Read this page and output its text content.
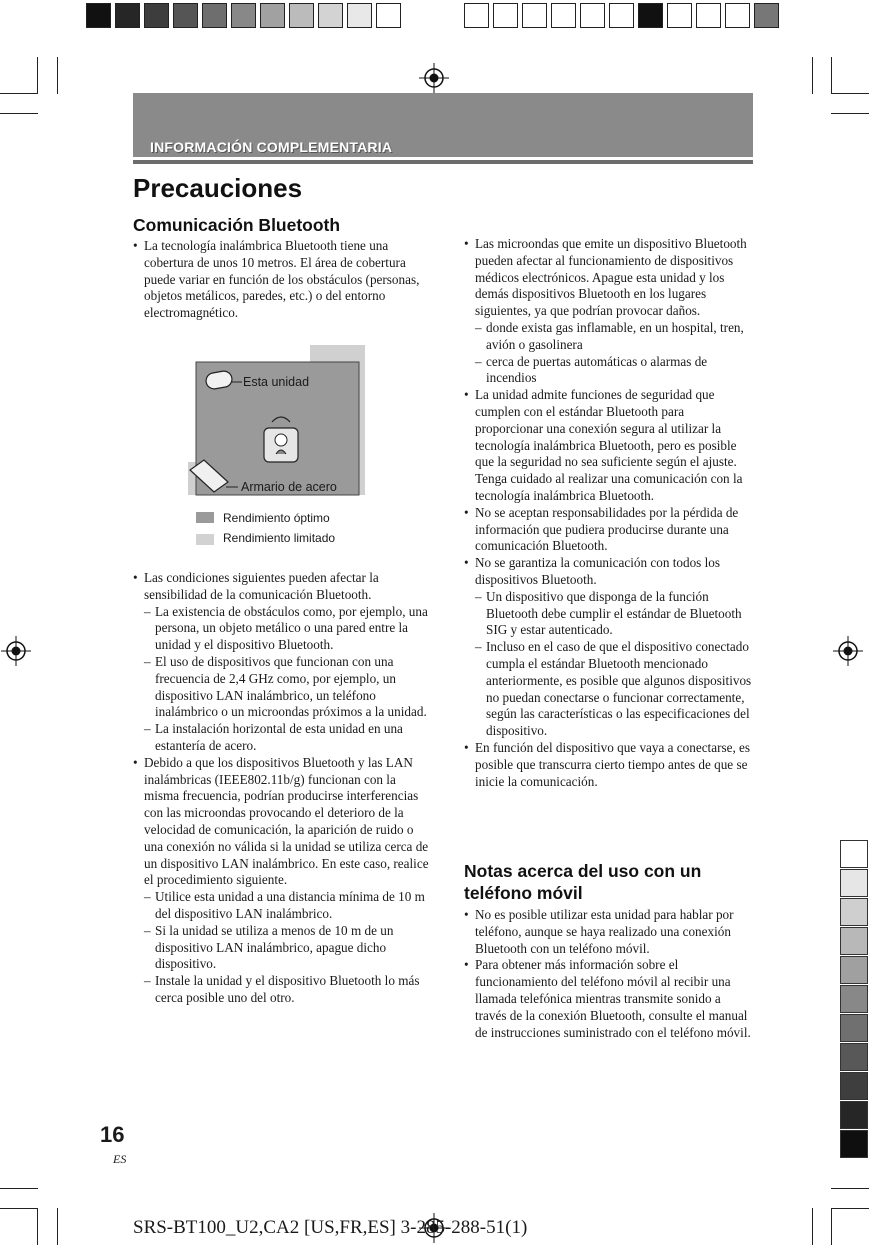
INFORMACIÓN COMPLEMENTARIA
Precauciones
Comunicación Bluetooth

• La tecnología inalámbrica Bluetooth tiene una cobertura de unos 10 metros. El área de cobertura puede variar en función de los obstáculos (personas, objetos metálicos, paredes, etc.) o del entorno electromagnético.

Esta unidad
Armario de acero
Rendimiento óptimo
Rendimiento limitado

• Las condiciones siguientes pueden afectar la sensibilidad de la comunicación Bluetooth.

– La existencia de obstáculos como, por ejemplo, una persona, un objeto metálico o una pared entre la unidad y el dispositivo Bluetooth.

– El uso de dispositivos que funcionan con una frecuencia de 2,4 GHz como, por ejemplo, un dispositivo LAN inalámbrico, un teléfono inalámbrico o un microondas próximos a la unidad.

– La instalación horizontal de esta unidad en una estantería de acero.

• Debido a que los dispositivos Bluetooth y las LAN inalámbricas (IEEE802.11b/g) funcionan con la misma frecuencia, podrían producirse interferencias con las microondas provocando el deterioro de la velocidad de comunicación, la aparición de ruido o una conexión no válida si la unidad se utiliza cerca de un dispositivo LAN inalámbrico. En este caso, realice el procedimiento siguiente.

– Utilice esta unidad a una distancia mínima de 10 m del dispositivo LAN inalámbrico.

– Si la unidad se utiliza a menos de 10 m de un dispositivo LAN inalámbrico, apague dicho dispositivo.

– Instale la unidad y el dispositivo Bluetooth lo más cerca posible uno del otro.

• Las microondas que emite un dispositivo Bluetooth pueden afectar al funcionamiento de dispositivos médicos electrónicos. Apague esta unidad y los demás dispositivos Bluetooth en los lugares siguientes, ya que podrían provocar daños.

– donde exista gas inflamable, en un hospital, tren, avión o gasolinera

– cerca de puertas automáticas o alarmas de incendios

• La unidad admite funciones de seguridad que cumplen con el estándar Bluetooth para proporcionar una conexión segura al utilizar la tecnología inalámbrica Bluetooth, pero es posible que la seguridad no sea suficiente según el ajuste. Tenga cuidado al realizar una comunicación con la tecnología inalámbrica Bluetooth.

• No se aceptan responsabilidades por la pérdida de información que pudiera producirse durante una comunicación Bluetooth.

• No se garantiza la comunicación con todos los dispositivos Bluetooth.

– Un dispositivo que disponga de la función Bluetooth debe cumplir el estándar de Bluetooth SIG y estar autenticado.

– Incluso en el caso de que el dispositivo conectado cumpla el estándar Bluetooth mencionado anteriormente, es posible que algunos dispositivos no puedan conectarse o funcionar correctamente, según las características o las especificaciones del dispositivo.

• En función del dispositivo que vaya a conectarse, es posible que transcurra cierto tiempo antes de que se inicie la comunicación.

Notas acerca del uso con un teléfono móvil

• No es posible utilizar esta unidad para hablar por teléfono, aunque se haya realizado una conexión Bluetooth con un teléfono móvil.

• Para obtener más información sobre el funcionamiento del teléfono móvil al recibir una llamada telefónica mientras transmite sonido a través de la conexión Bluetooth, consulte el manual de instrucciones suministrado con el teléfono móvil.

16
ES
SRS-BT100_U2,CA2 [US,FR,ES] 3-285-288-51(1)
